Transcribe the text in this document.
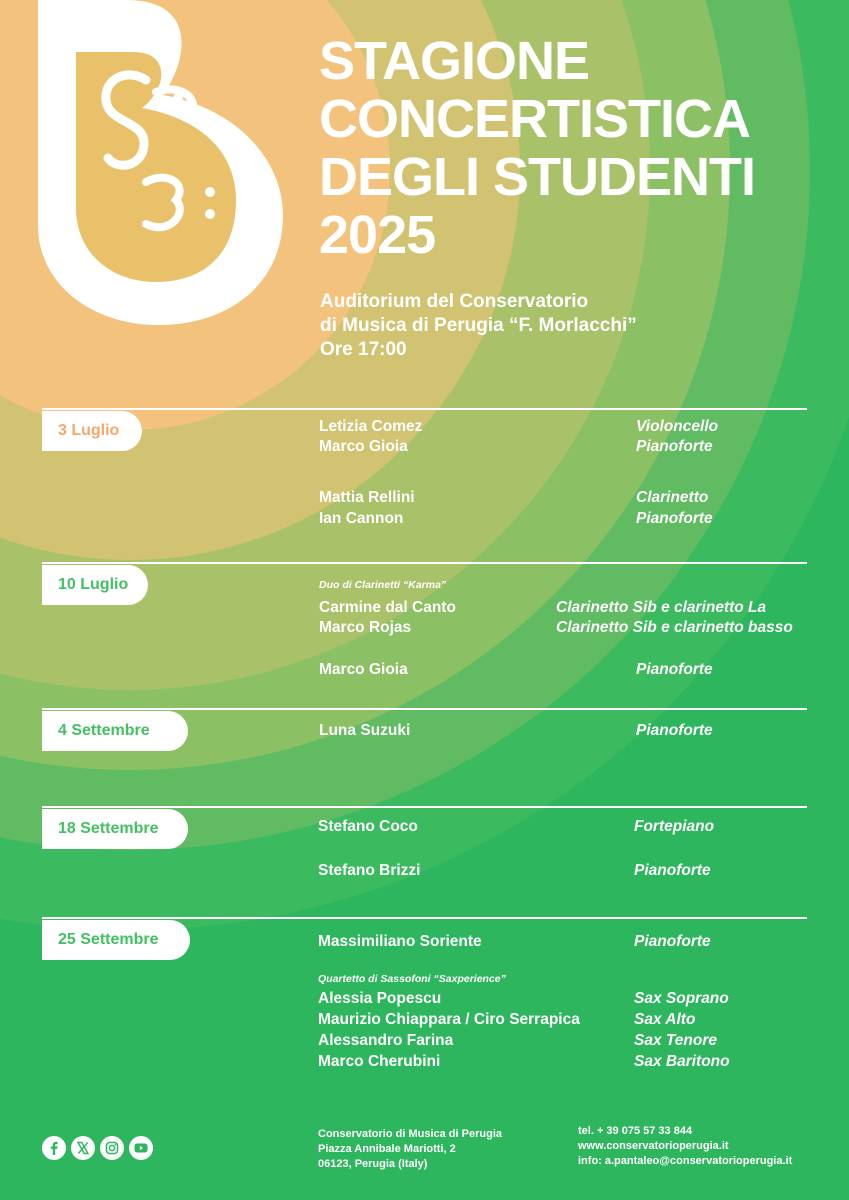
STAGIONE
CONCERTISTICA
DEGLI STUDENTI
2025
Auditorium del Conservatorio
di Musica di Perugia “F. Morlacchi”
Ore 17:00
3 Luglio	Letizia Comez	Violoncello
Marco Gioia	Pianoforte
Mattia Rellini	Clarinetto
Ian Cannon	Pianoforte
10 Luglio	Duo di Clarinetti “Karma”
Carmine dal Canto	Clarinetto Sib e clarinetto La
Marco Rojas	Clarinetto Sib e clarinetto basso
Marco Gioia	Pianoforte
4 Settembre	Luna Suzuki	Pianoforte
18 Settembre	Stefano Coco	Fortepiano
Stefano Brizzi	Pianoforte
25 Settembre	Massimiliano Soriente	Pianoforte
Quartetto di Sassofoni “Saxperience”
Alessia Popescu	Sax Soprano
Maurizio Chiappara / Ciro Serrapica	Sax Alto
Alessandro Farina	Sax Tenore
Marco Cherubini	Sax Baritono
Conservatorio di Musica di Perugia
Piazza Annibale Mariotti, 2
06123, Perugia (Italy)
tel. + 39 075 57 33 844
www.conservatorioperugia.it
info: a.pantaleo@conservatorioperugia.it
